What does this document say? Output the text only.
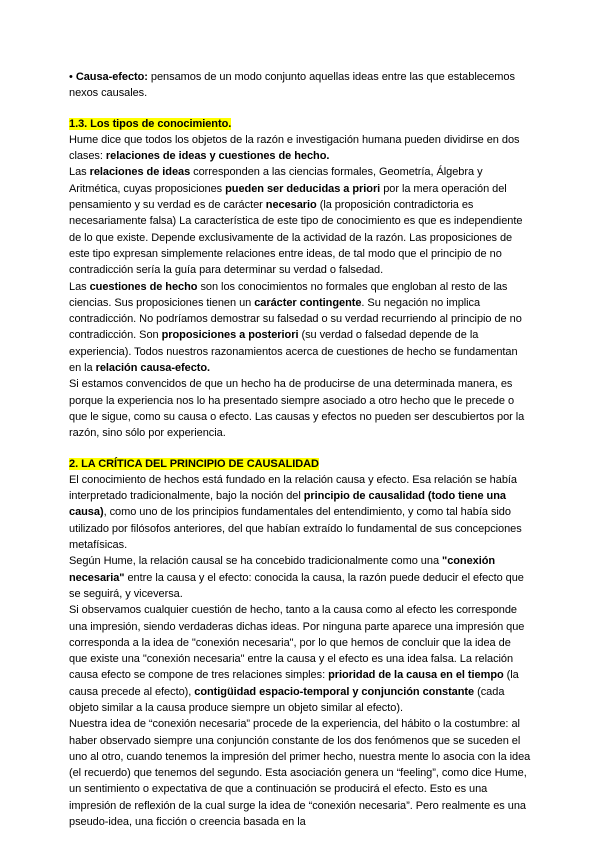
• Causa-efecto: pensamos de un modo conjunto aquellas ideas entre las que establecemos nexos causales.

1.3. Los tipos de conocimiento.

Hume dice que todos los objetos de la razón e investigación humana pueden dividirse en dos clases: relaciones de ideas y cuestiones de hecho.

Las relaciones de ideas corresponden a las ciencias formales, Geometría, Álgebra y Aritmética, cuyas proposiciones pueden ser deducidas a priori por la mera operación del pensamiento y su verdad es de carácter necesario (la proposición contradictoria es necesariamente falsa) La característica de este tipo de conocimiento es que es independiente de lo que existe. Depende exclusivamente de la actividad de la razón. Las proposiciones de este tipo expresan simplemente relaciones entre ideas, de tal modo que el principio de no contradicción sería la guía para determinar su verdad o falsedad.

Las cuestiones de hecho son los conocimientos no formales que engloban al resto de las ciencias. Sus proposiciones tienen un carácter contingente. Su negación no implica contradicción. No podríamos demostrar su falsedad o su verdad recurriendo al principio de no contradicción. Son proposiciones a posteriori (su verdad o falsedad depende de la experiencia). Todos nuestros razonamientos acerca de cuestiones de hecho se fundamentan en la relación causa-efecto.

Si estamos convencidos de que un hecho ha de producirse de una determinada manera, es porque la experiencia nos lo ha presentado siempre asociado a otro hecho que le precede o que le sigue, como su causa o efecto. Las causas y efectos no pueden ser descubiertos por la razón, sino sólo por experiencia.

2. LA CRÍTICA DEL PRINCIPIO DE CAUSALIDAD

El conocimiento de hechos está fundado en la relación causa y efecto. Esa relación se había interpretado tradicionalmente, bajo la noción del principio de causalidad (todo tiene una causa), como uno de los principios fundamentales del entendimiento, y como tal había sido utilizado por filósofos anteriores, del que habían extraído lo fundamental de sus concepciones metafísicas.

Según Hume, la relación causal se ha concebido tradicionalmente como una "conexión necesaria" entre la causa y el efecto: conocida la causa, la razón puede deducir el efecto que se seguirá, y viceversa.

Si observamos cualquier cuestión de hecho, tanto a la causa como al efecto les corresponde una impresión, siendo verdaderas dichas ideas. Por ninguna parte aparece una impresión que corresponda a la idea de "conexión necesaria", por lo que hemos de concluir que la idea de que existe una "conexión necesaria" entre la causa y el efecto es una idea falsa. La relación causa efecto se compone de tres relaciones simples: prioridad de la causa en el tiempo (la causa precede al efecto), contigüidad espacio-temporal y conjunción constante (cada objeto similar a la causa produce siempre un objeto similar al efecto).

Nuestra idea de “conexión necesaria” procede de la experiencia, del hábito o la costumbre: al haber observado siempre una conjunción constante de los dos fenómenos que se suceden el uno al otro, cuando tenemos la impresión del primer hecho, nuestra mente lo asocia con la idea (el recuerdo) que tenemos del segundo. Esta asociación genera un “feeling”, como dice Hume, un sentimiento o expectativa de que a continuación se producirá el efecto. Esto es una impresión de reflexión de la cual surge la idea de “conexión necesaria”. Pero realmente es una pseudo-idea, una ficción o creencia basada en la
